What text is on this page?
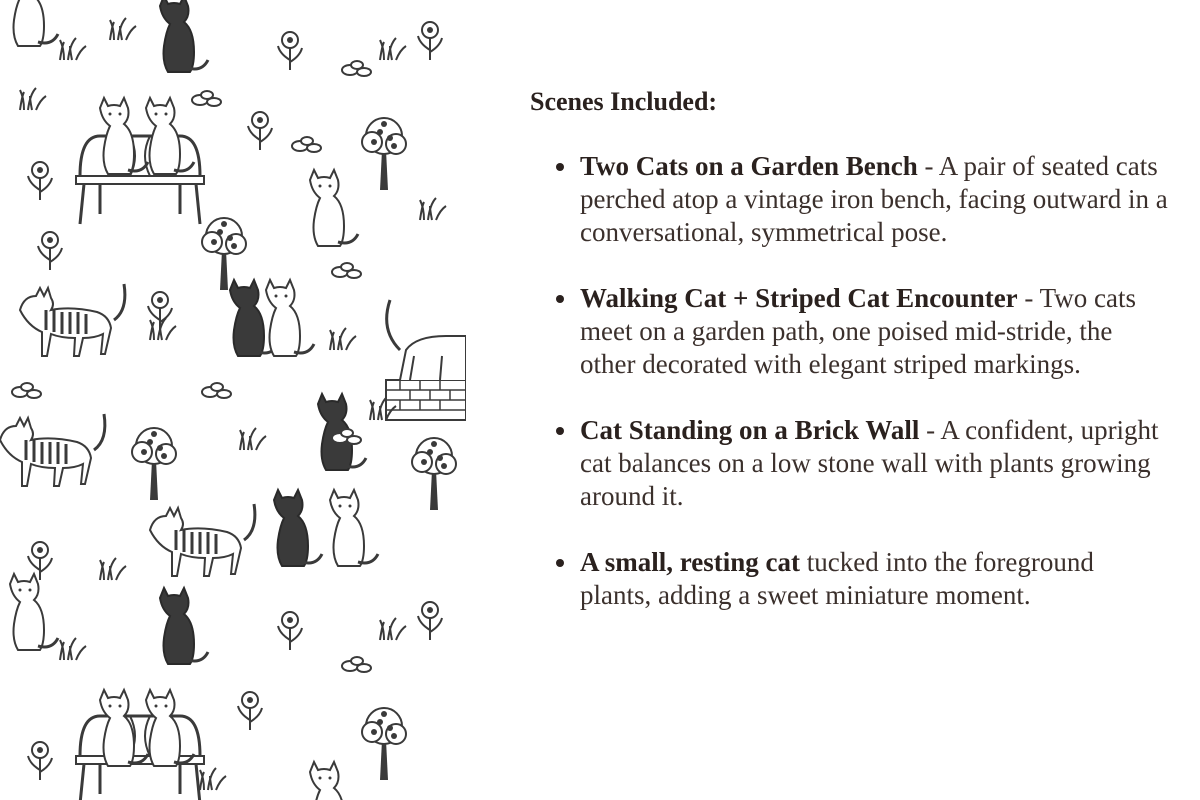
Scenes Included:
Two Cats on a Garden Bench - A pair of seated cats perched atop a vintage iron bench, facing outward in a conversational, symmetrical pose.
Walking Cat + Striped Cat Encounter - Two cats meet on a garden path, one poised mid-stride, the other decorated with elegant striped markings.
Cat Standing on a Brick Wall - A confident, upright cat balances on a low stone wall with plants growing around it.
A small, resting cat tucked into the foreground plants, adding a sweet miniature moment.
